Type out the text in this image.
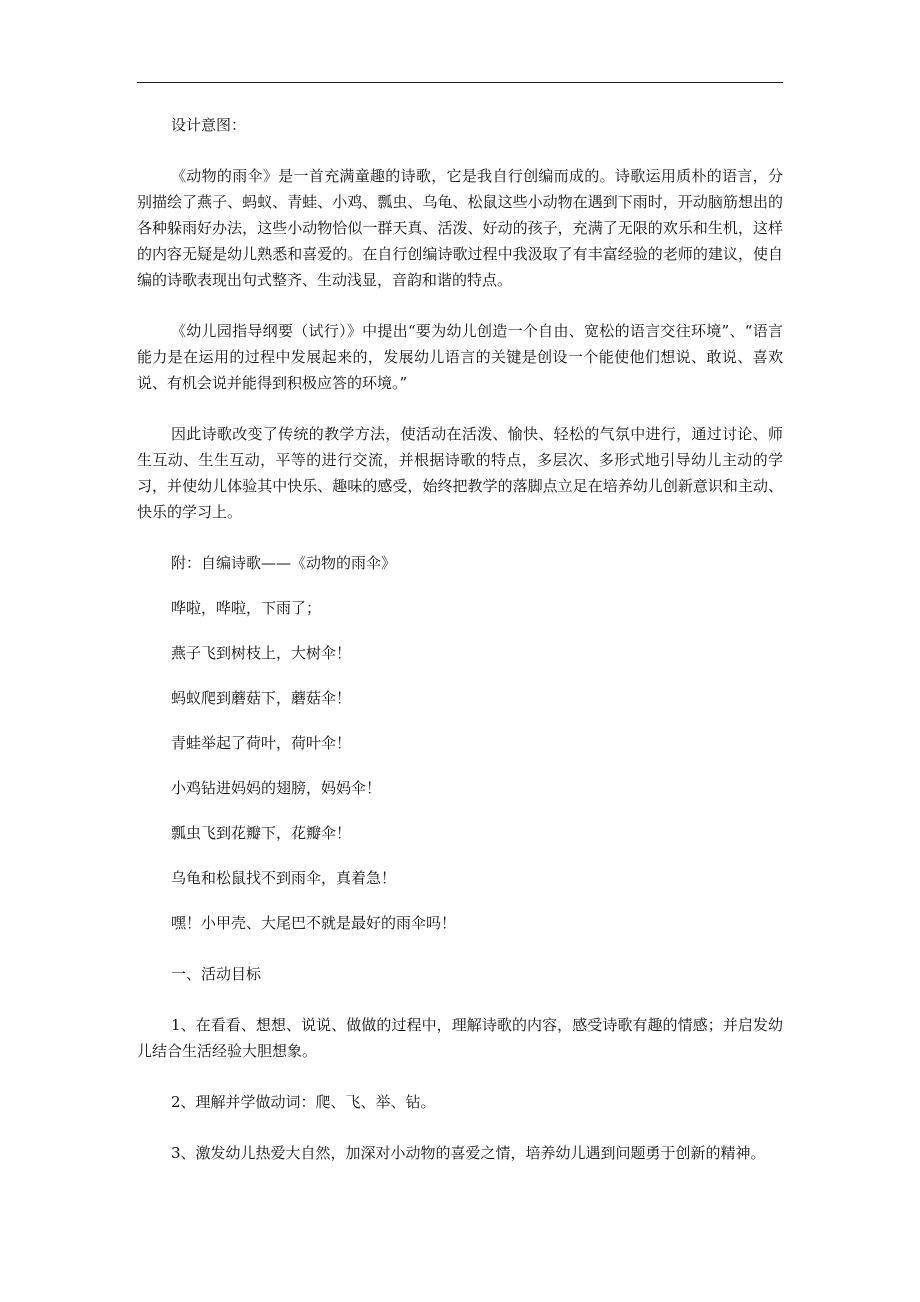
设计意图：

《动物的雨伞》是一首充满童趣的诗歌，它是我自行创编而成的。诗歌运用质朴的语言，分别描绘了燕子、蚂蚁、青蛙、小鸡、瓢虫、乌龟、松鼠这些小动物在遇到下雨时，开动脑筋想出的各种躲雨好办法，这些小动物恰似一群天真、活泼、好动的孩子，充满了无限的欢乐和生机，这样的内容无疑是幼儿熟悉和喜爱的。在自行创编诗歌过程中我汲取了有丰富经验的老师的建议，使自编的诗歌表现出句式整齐、生动浅显，音韵和谐的特点。

《幼儿园指导纲要（试行）》中提出“要为幼儿创造一个自由、宽松的语言交往环境”、“语言能力是在运用的过程中发展起来的，发展幼儿语言的关键是创设一个能使他们想说、敢说、喜欢说、有机会说并能得到积极应答的环境。”

因此诗歌改变了传统的教学方法，使活动在活泼、愉快、轻松的气氛中进行，通过讨论、师生互动、生生互动，平等的进行交流，并根据诗歌的特点，多层次、多形式地引导幼儿主动的学习，并使幼儿体验其中快乐、趣味的感受，始终把教学的落脚点立足在培养幼儿创新意识和主动、快乐的学习上。

附：自编诗歌——《动物的雨伞》

哗啦，哗啦，下雨了；

燕子飞到树枝上，大树伞！

蚂蚁爬到蘑菇下，蘑菇伞！

青蛙举起了荷叶，荷叶伞！

小鸡钻进妈妈的翅膀，妈妈伞！

瓢虫飞到花瓣下，花瓣伞！

乌龟和松鼠找不到雨伞，真着急！

嘿！小甲壳、大尾巴不就是最好的雨伞吗！

一、活动目标

1、在看看、想想、说说、做做的过程中，理解诗歌的内容，感受诗歌有趣的情感；并启发幼儿结合生活经验大胆想象。

2、理解并学做动词：爬、飞、举、钻。

3、激发幼儿热爱大自然，加深对小动物的喜爱之情，培养幼儿遇到问题勇于创新的精神。
